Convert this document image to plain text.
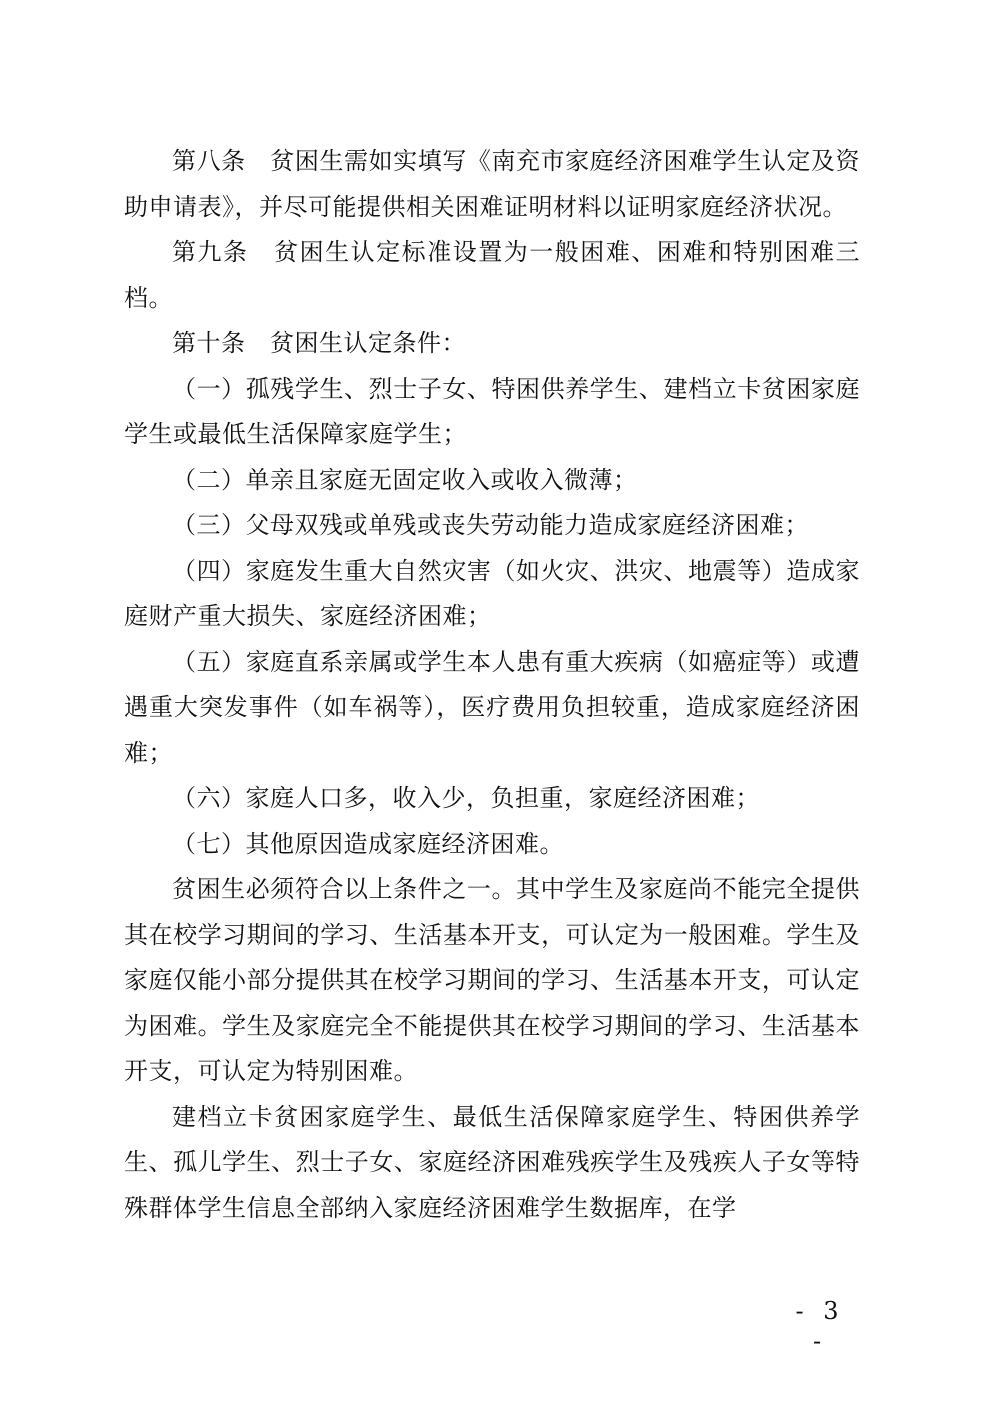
第八条　贫困生需如实填写《南充市家庭经济困难学生认定及资助申请表》，并尽可能提供相关困难证明材料以证明家庭经济状况。

第九条　贫困生认定标准设置为一般困难、困难和特别困难三档。

第十条　贫困生认定条件：

（一）孤残学生、烈士子女、特困供养学生、建档立卡贫困家庭学生或最低生活保障家庭学生；

（二）单亲且家庭无固定收入或收入微薄；

（三）父母双残或单残或丧失劳动能力造成家庭经济困难；

（四）家庭发生重大自然灾害（如火灾、洪灾、地震等）造成家庭财产重大损失、家庭经济困难；

（五）家庭直系亲属或学生本人患有重大疾病（如癌症等）或遭遇重大突发事件（如车祸等），医疗费用负担较重，造成家庭经济困难；

（六）家庭人口多，收入少，负担重，家庭经济困难；

（七）其他原因造成家庭经济困难。

贫困生必须符合以上条件之一。其中学生及家庭尚不能完全提供其在校学习期间的学习、生活基本开支，可认定为一般困难。学生及家庭仅能小部分提供其在校学习期间的学习、生活基本开支，可认定为困难。学生及家庭完全不能提供其在校学习期间的学习、生活基本开支，可认定为特别困难。

建档立卡贫困家庭学生、最低生活保障家庭学生、特困供养学生、孤儿学生、烈士子女、家庭经济困难残疾学生及残疾人子女等特殊群体学生信息全部纳入家庭经济困难学生数据库，在学

- 3 -
